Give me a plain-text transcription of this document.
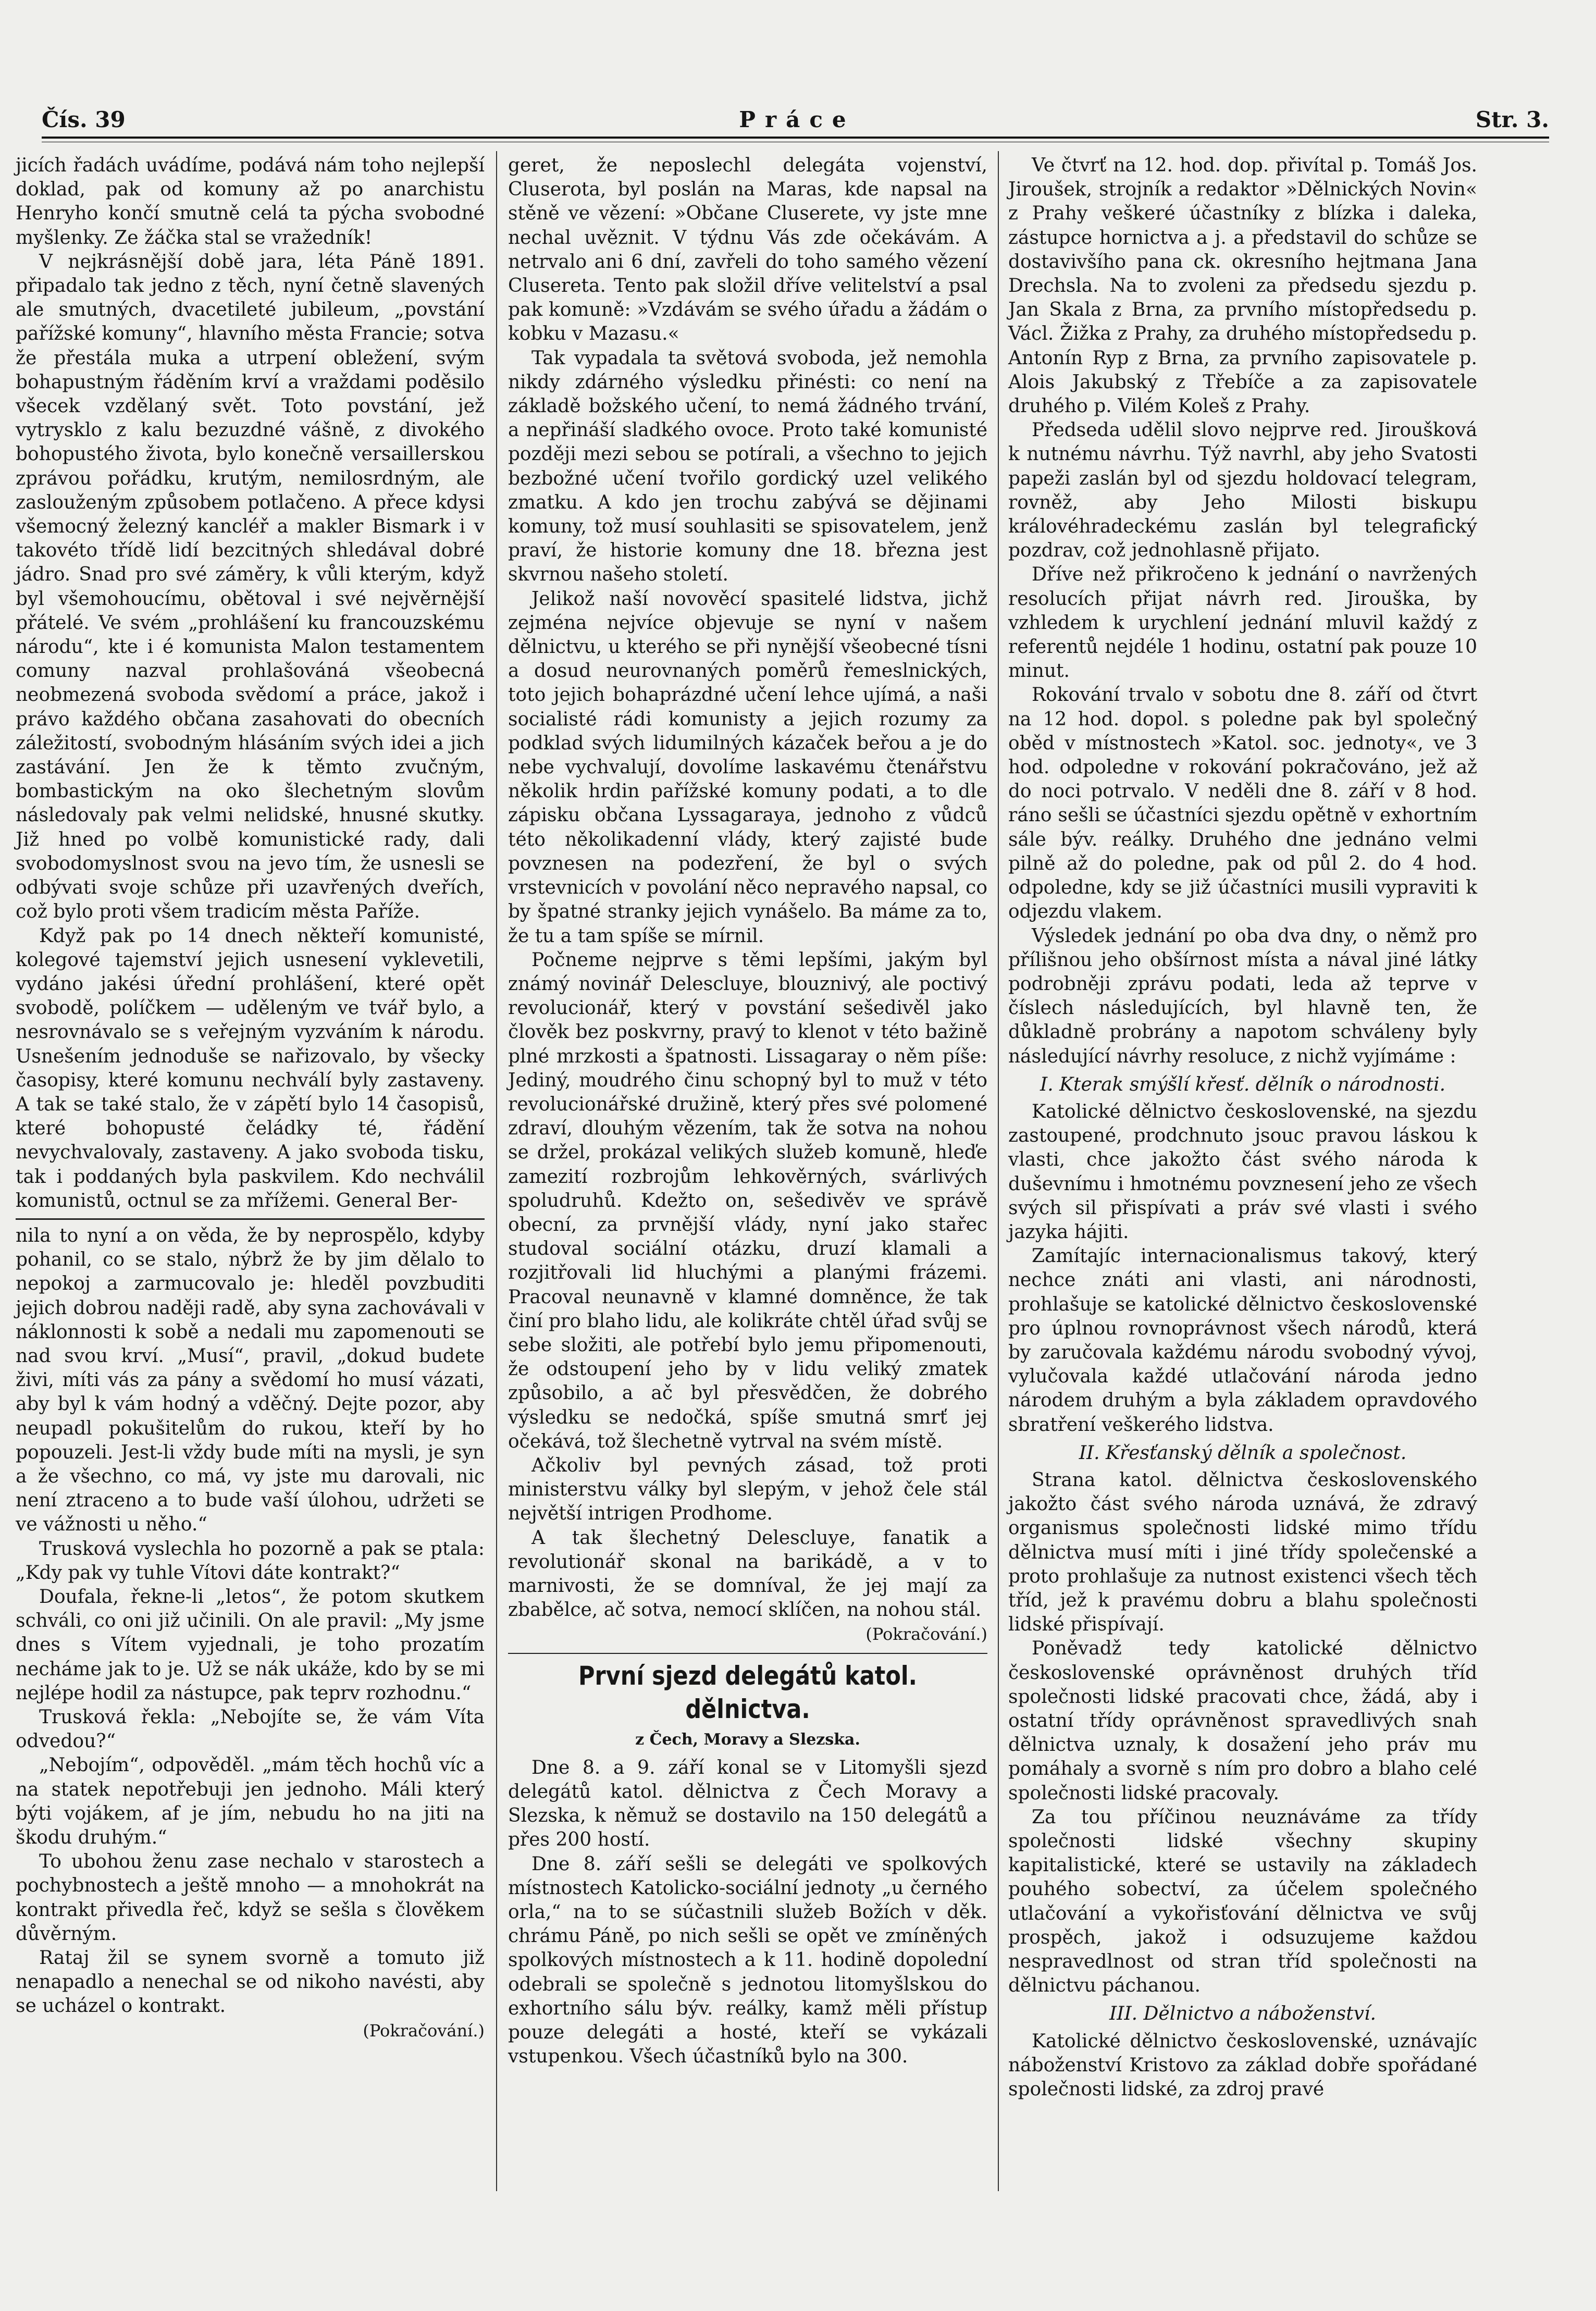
Čís. 39	Práce	Str. 3.

jicích řadách uvádíme, podává nám toho nejlepší doklad, pak od komuny až po anarchistu Henryho končí smutně celá ta pýcha svobodné myšlenky. Ze žáčka stal se vražedník!

V nejkrásnější době jara, léta Páně 1891. připadalo tak jedno z těch, nyní četně slavených ale smutných, dvacetileté jubileum, „povstání pařížské komuny“, hlavního města Francie; sotva že přestála muka a utrpení obležení, svým bohapustným řáděním krví a vraždami poděsilo všecek vzdělaný svět. Toto povstání, jež vytrysklo z kalu bezuzdné vášně, z divokého bohopustého života, bylo konečně versaillerskou zprávou pořádku, krutým, nemilosrdným, ale zaslouženým způsobem potlačeno. A přece kdysi všemocný železný kancléř a makler Bismark i v takovéto třídě lidí bezcitných shledával dobré jádro. Snad pro své záměry, k vůli kterým, když byl všemohoucímu, obětoval i své nejvěrnější přátelé. Ve svém „prohlášení ku francouzskému národu“, kte i é komunista Malon testamentem comuny nazval prohlašováná všeobecná neobmezená svoboda svědomí a práce, jakož i právo každého občana zasahovati do obecních záležitostí, svobodným hlásáním svých idei a jich zastávání. Jen že k těmto zvučným, bombastickým na oko šlechetným slovům následovaly pak velmi nelidské, hnusné skutky. Již hned po volbě komunistické rady, dali svobodomyslnost svou na jevo tím, že usnesli se odbývati svoje schůze při uzavřených dveřích, což bylo proti všem tradicím města Paříže.

Když pak po 14 dnech někteří komunisté, kolegové tajemství jejich usnesení vyklevetili, vydáno jakési úřední prohlášení, které opět svobodě, políčkem — uděleným ve tvář bylo, a nesrovnávalo se s veřejným vyzváním k národu. Usnešením jednoduše se nařizovalo, by všecky časopisy, které komunu nechválí byly zastaveny. A tak se také stalo, že v zápětí bylo 14 časopisů, které bohopusté čeládky té, řádění nevychvalovaly, zastaveny. A jako svoboda tisku, tak i poddaných byla paskvilem. Kdo nechválil komunistů, octnul se za mřížemi. General Ber-

nila to nyní a on věda, že by neprospělo, kdyby pohanil, co se stalo, nýbrž že by jim dělalo to nepokoj a zarmucovalo je: hleděl povzbuditi jejich dobrou naději radě, aby syna zachovávali v náklonnosti k sobě a nedali mu zapomenouti se nad svou krví. „Musí“, pravil, „dokud budete živi, míti vás za pány a svědomí ho musí vázati, aby byl k vám hodný a vděčný. Dejte pozor, aby neupadl pokušitelům do rukou, kteří by ho popouzeli. Jest-li vždy bude míti na mysli, je syn a že všechno, co má, vy jste mu darovali, nic není ztraceno a to bude vaší úlohou, udržeti se ve vážnosti u něho.“

Trusková vyslechla ho pozorně a pak se ptala: „Kdy pak vy tuhle Vítovi dáte kontrakt?“

Doufala, řekne-li „letos“, že potom skutkem schváli, co oni již učinili. On ale pravil: „My jsme dnes s Vítem vyjednali, je toho prozatím necháme jak to je. Už se nák ukáže, kdo by se mi nejlépe hodil za nástupce, pak teprv rozhodnu.“

Trusková řekla: „Nebojíte se, že vám Víta odvedou?“

„Nebojím“, odpověděl. „mám těch hochů víc a na statek nepotřebuji jen jednoho. Máli který býti vojákem, af je jím, nebudu ho na jiti na škodu druhým.“

To ubohou ženu zase nechalo v starostech a pochybnostech a ještě mnoho — a mnohokrát na kontrakt přivedla řeč, když se sešla s člověkem důvěrným.

Rataj žil se synem svorně a tomuto již nenapadlo a nenechal se od nikoho navésti, aby se ucházel o kontrakt.

(Pokračování.)

geret, že neposlechl delegáta vojenství, Cluserota, byl poslán na Maras, kde napsal na stěně ve vězení: »Občane Cluserete, vy jste mne nechal uvěznit. V týdnu Vás zde očekávám. A netrvalo ani 6 dní, zavřeli do toho samého vězení Clusereta. Tento pak složil dříve velitelství a psal pak komuně: »Vzdávám se svého úřadu a žádám o kobku v Mazasu.«

Tak vypadala ta světová svoboda, jež nemohla nikdy zdárného výsledku přinésti: co není na základě božského učení, to nemá žádného trvání, a nepřináší sladkého ovoce. Proto také komunisté později mezi sebou se potírali, a všechno to jejich bezbožné učení tvořilo gordický uzel velikého zmatku. A kdo jen trochu zabývá se dějinami komuny, tož musí souhlasiti se spisovatelem, jenž praví, že historie komuny dne 18. března jest skvrnou našeho století.

Jelikož naší novověcí spasitelé lidstva, jichž zejména nejvíce objevuje se nyní v našem dělnictvu, u kterého se při nynější všeobecné tísni a dosud neurovnaných poměrů řemeslnických, toto jejich bohaprázdné učení lehce ujímá, a naši socialisté rádi komunisty a jejich rozumy za podklad svých lidumilných kázaček beřou a je do nebe vychvalují, dovolíme laskavému čtenářstvu několik hrdin pařížské komuny podati, a to dle zápisku občana Lyssagaraya, jednoho z vůdců této několikadenní vlády, který zajisté bude povznesen na podezření, že byl o svých vrstevnicích v povolání něco nepravého napsal, co by špatné stranky jejich vynášelo. Ba máme za to, že tu a tam spíše se mírnil.

Počneme nejprve s těmi lepšími, jakým byl známý novinář Delescluye, blouznivý, ale poctivý revolucionář, který v povstání sešedivěl jako člověk bez poskvrny, pravý to klenot v této bažině plné mrzkosti a špatnosti. Lissagaray o něm píše: Jediný, moudrého činu schopný byl to muž v této revolucionářské družině, který přes své polomené zdraví, dlouhým vězením, tak že sotva na nohou se držel, prokázal velikých služeb komuně, hleďe zamezití rozbrojům lehkověrných, svárlivých spoludruhů. Kdežto on, sešedivěv ve správě obecní, za prvnější vlády, nyní jako stařec studoval sociální otázku, druzí klamali a rozjitřovali lid hluchými a planými frázemi. Pracoval neunavně v klamné domněnce, že tak činí pro blaho lidu, ale kolikráte chtěl úřad svůj se sebe složiti, ale potřebí bylo jemu připomenouti, že odstoupení jeho by v lidu veliký zmatek způsobilo, a ač byl přesvědčen, že dobrého výsledku se nedočká, spíše smutná smrť jej očekává, tož šlechetně vytrval na svém místě.

Ačkoliv byl pevných zásad, tož proti ministerstvu války byl slepým, v jehož čele stál největší intrigen Prodhome.

A tak šlechetný Delescluye, fanatik a revolutionář skonal na barikádě, a v to marnivosti, že se domníval, že jej mají za zbabělce, ač sotva, nemocí sklíčen, na nohou stál.

(Pokračování.)
První sjezd delegátů katol. dělnictva.
z Čech, Moravy a Slezska.

Dne 8. a 9. září konal se v Litomyšli sjezd delegátů katol. dělnictva z Čech Moravy a Slezska, k němuž se dostavilo na 150 delegátů a přes 200 hostí.

Dne 8. září sešli se delegáti ve spolkových místnostech Katolicko-sociální jednoty „u černého orla,“ na to se súčastnili služeb Božích v děk. chrámu Páně, po nich sešli se opět ve zmíněných spolkových místnostech a k 11. hodině dopolední odebrali se společně s jednotou litomyšlskou do exhortního sálu býv. reálky, kamž měli přístup pouze delegáti a hosté, kteří se vykázali vstupenkou. Všech účastníků bylo na 300.

Ve čtvrť na 12. hod. dop. přivítal p. Tomáš Jos. Jiroušek, strojník a redaktor »Dělnických Novin« z Prahy veškeré účastníky z blízka i daleka, zástupce hornictva a j. a představil do schůze se dostavivšího pana ck. okresního hejtmana Jana Drechsla. Na to zvoleni za předsedu sjezdu p. Jan Skala z Brna, za prvního místopředsedu p. Václ. Žižka z Prahy, za druhého místopředsedu p. Antonín Ryp z Brna, za prvního zapisovatele p. Alois Jakubský z Třebíče a za zapisovatele druhého p. Vilém Koleš z Prahy.

Předseda udělil slovo nejprve red. Jiroušková k nutnému návrhu. Týž navrhl, aby jeho Svatosti papeži zaslán byl od sjezdu holdovací telegram, rovněž, aby Jeho Milosti biskupu královéhradeckému zaslán byl telegrafický pozdrav, což jednohlasně přijato.

Dříve než přikročeno k jednání o navržených resolucích přijat návrh red. Jirouška, by vzhledem k urychlení jednání mluvil každý z referentů nejdéle 1 hodinu, ostatní pak pouze 10 minut.

Rokování trvalo v sobotu dne 8. září od čtvrt na 12 hod. dopol. s poledne pak byl společný oběd v místnostech »Katol. soc. jednoty«, ve 3 hod. odpoledne v rokování pokračováno, jež až do noci potrvalo. V neděli dne 8. září v 8 hod. ráno sešli se účastníci sjezdu opětně v exhortním sále býv. reálky. Druhého dne jednáno velmi pilně až do poledne, pak od půl 2. do 4 hod. odpoledne, kdy se již účastníci musili vypraviti k odjezdu vlakem.

Výsledek jednání po oba dva dny, o němž pro přílišnou jeho obšírnost místa a nával jiné látky podrobněji zprávu podati, leda až teprve v číslech následujících, byl hlavně ten, že důkladně probrány a napotom schváleny byly následující návrhy resoluce, z nichž vyjímáme :

I. Kterak smýšlí křesť. dělník o národnosti.

Katolické dělnictvo československé, na sjezdu zastoupené, prodchnuto jsouc pravou láskou k vlasti, chce jakožto část svého národa k duševnímu i hmotnému povznesení jeho ze všech svých sil přispívati a práv své vlasti i svého jazyka hájiti.

Zamítajíc internacionalismus takový, který nechce znáti ani vlasti, ani národnosti, prohlašuje se katolické dělnictvo československé pro úplnou rovnoprávnost všech národů, která by zaručovala každému národu svobodný vývoj, vylučovala každé utlačování národa jedno národem druhým a byla základem opravdového sbratření veškerého lidstva.

II. Křesťanský dělník a společnost.

Strana katol. dělnictva československého jakožto část svého národa uznává, že zdravý organismus společnosti lidské mimo třídu dělnictva musí míti i jiné třídy společenské a proto prohlašuje za nutnost existenci všech těch tříd, jež k pravému dobru a blahu společnosti lidské přispívají.

Poněvadž tedy katolické dělnictvo československé oprávněnost druhých tříd společnosti lidské pracovati chce, žádá, aby i ostatní třídy oprávněnost spravedlivých snah dělnictva uznaly, k dosažení jeho práv mu pomáhaly a svorně s ním pro dobro a blaho celé společnosti lidské pracovaly.

Za tou příčinou neuznáváme za třídy společnosti lidské všechny skupiny kapitalistické, které se ustavily na základech pouhého sobectví, za účelem společného utlačování a vykořisťování dělnictva ve svůj prospěch, jakož i odsuzujeme každou nespravedlnost od stran tříd společnosti na dělnictvu páchanou.

III. Dělnictvo a náboženství.

Katolické dělnictvo československé, uznávajíc náboženství Kristovo za základ dobře spořádané společnosti lidské, za zdroj pravé
